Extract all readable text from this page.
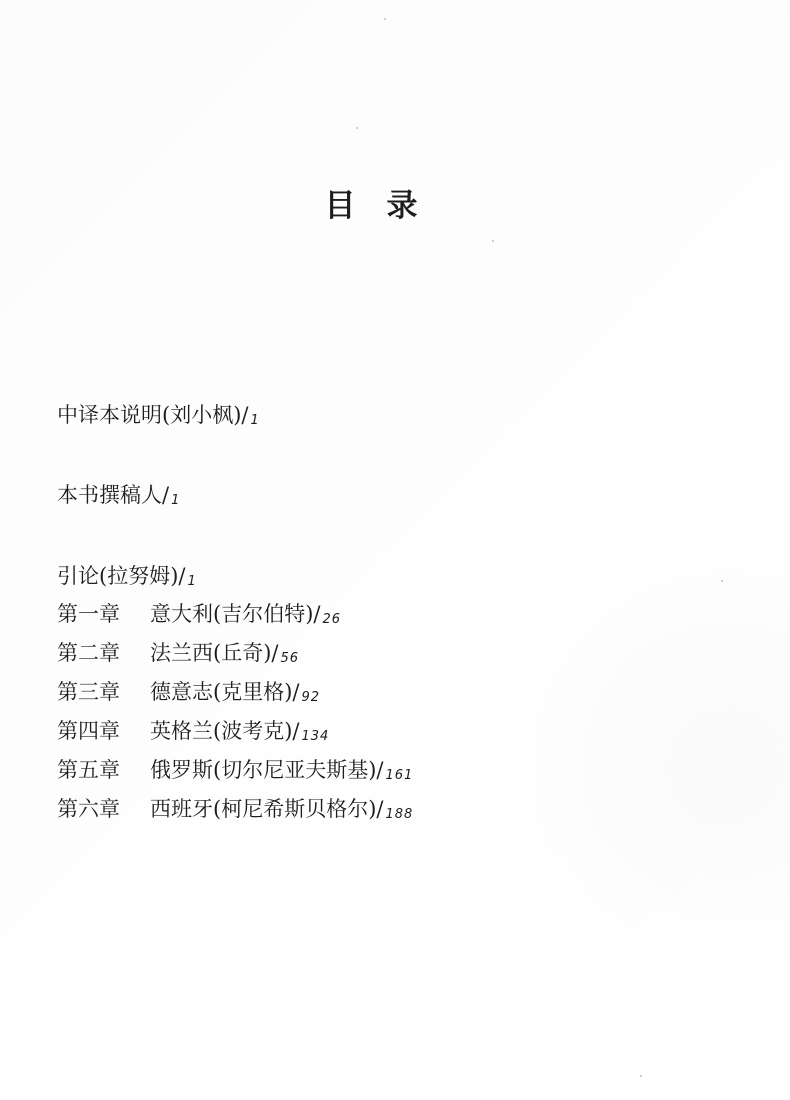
目　录
中译本说明(刘小枫) / 1
本书撰稿人 / 1
引论(拉努姆) / 1
第一章	意大利(吉尔伯特) / 26
第二章	法兰西(丘奇) / 56
第三章	德意志(克里格) / 92
第四章	英格兰(波考克) / 134
第五章	俄罗斯(切尔尼亚夫斯基) / 161
第六章	西班牙(柯尼希斯贝格尔) / 188
